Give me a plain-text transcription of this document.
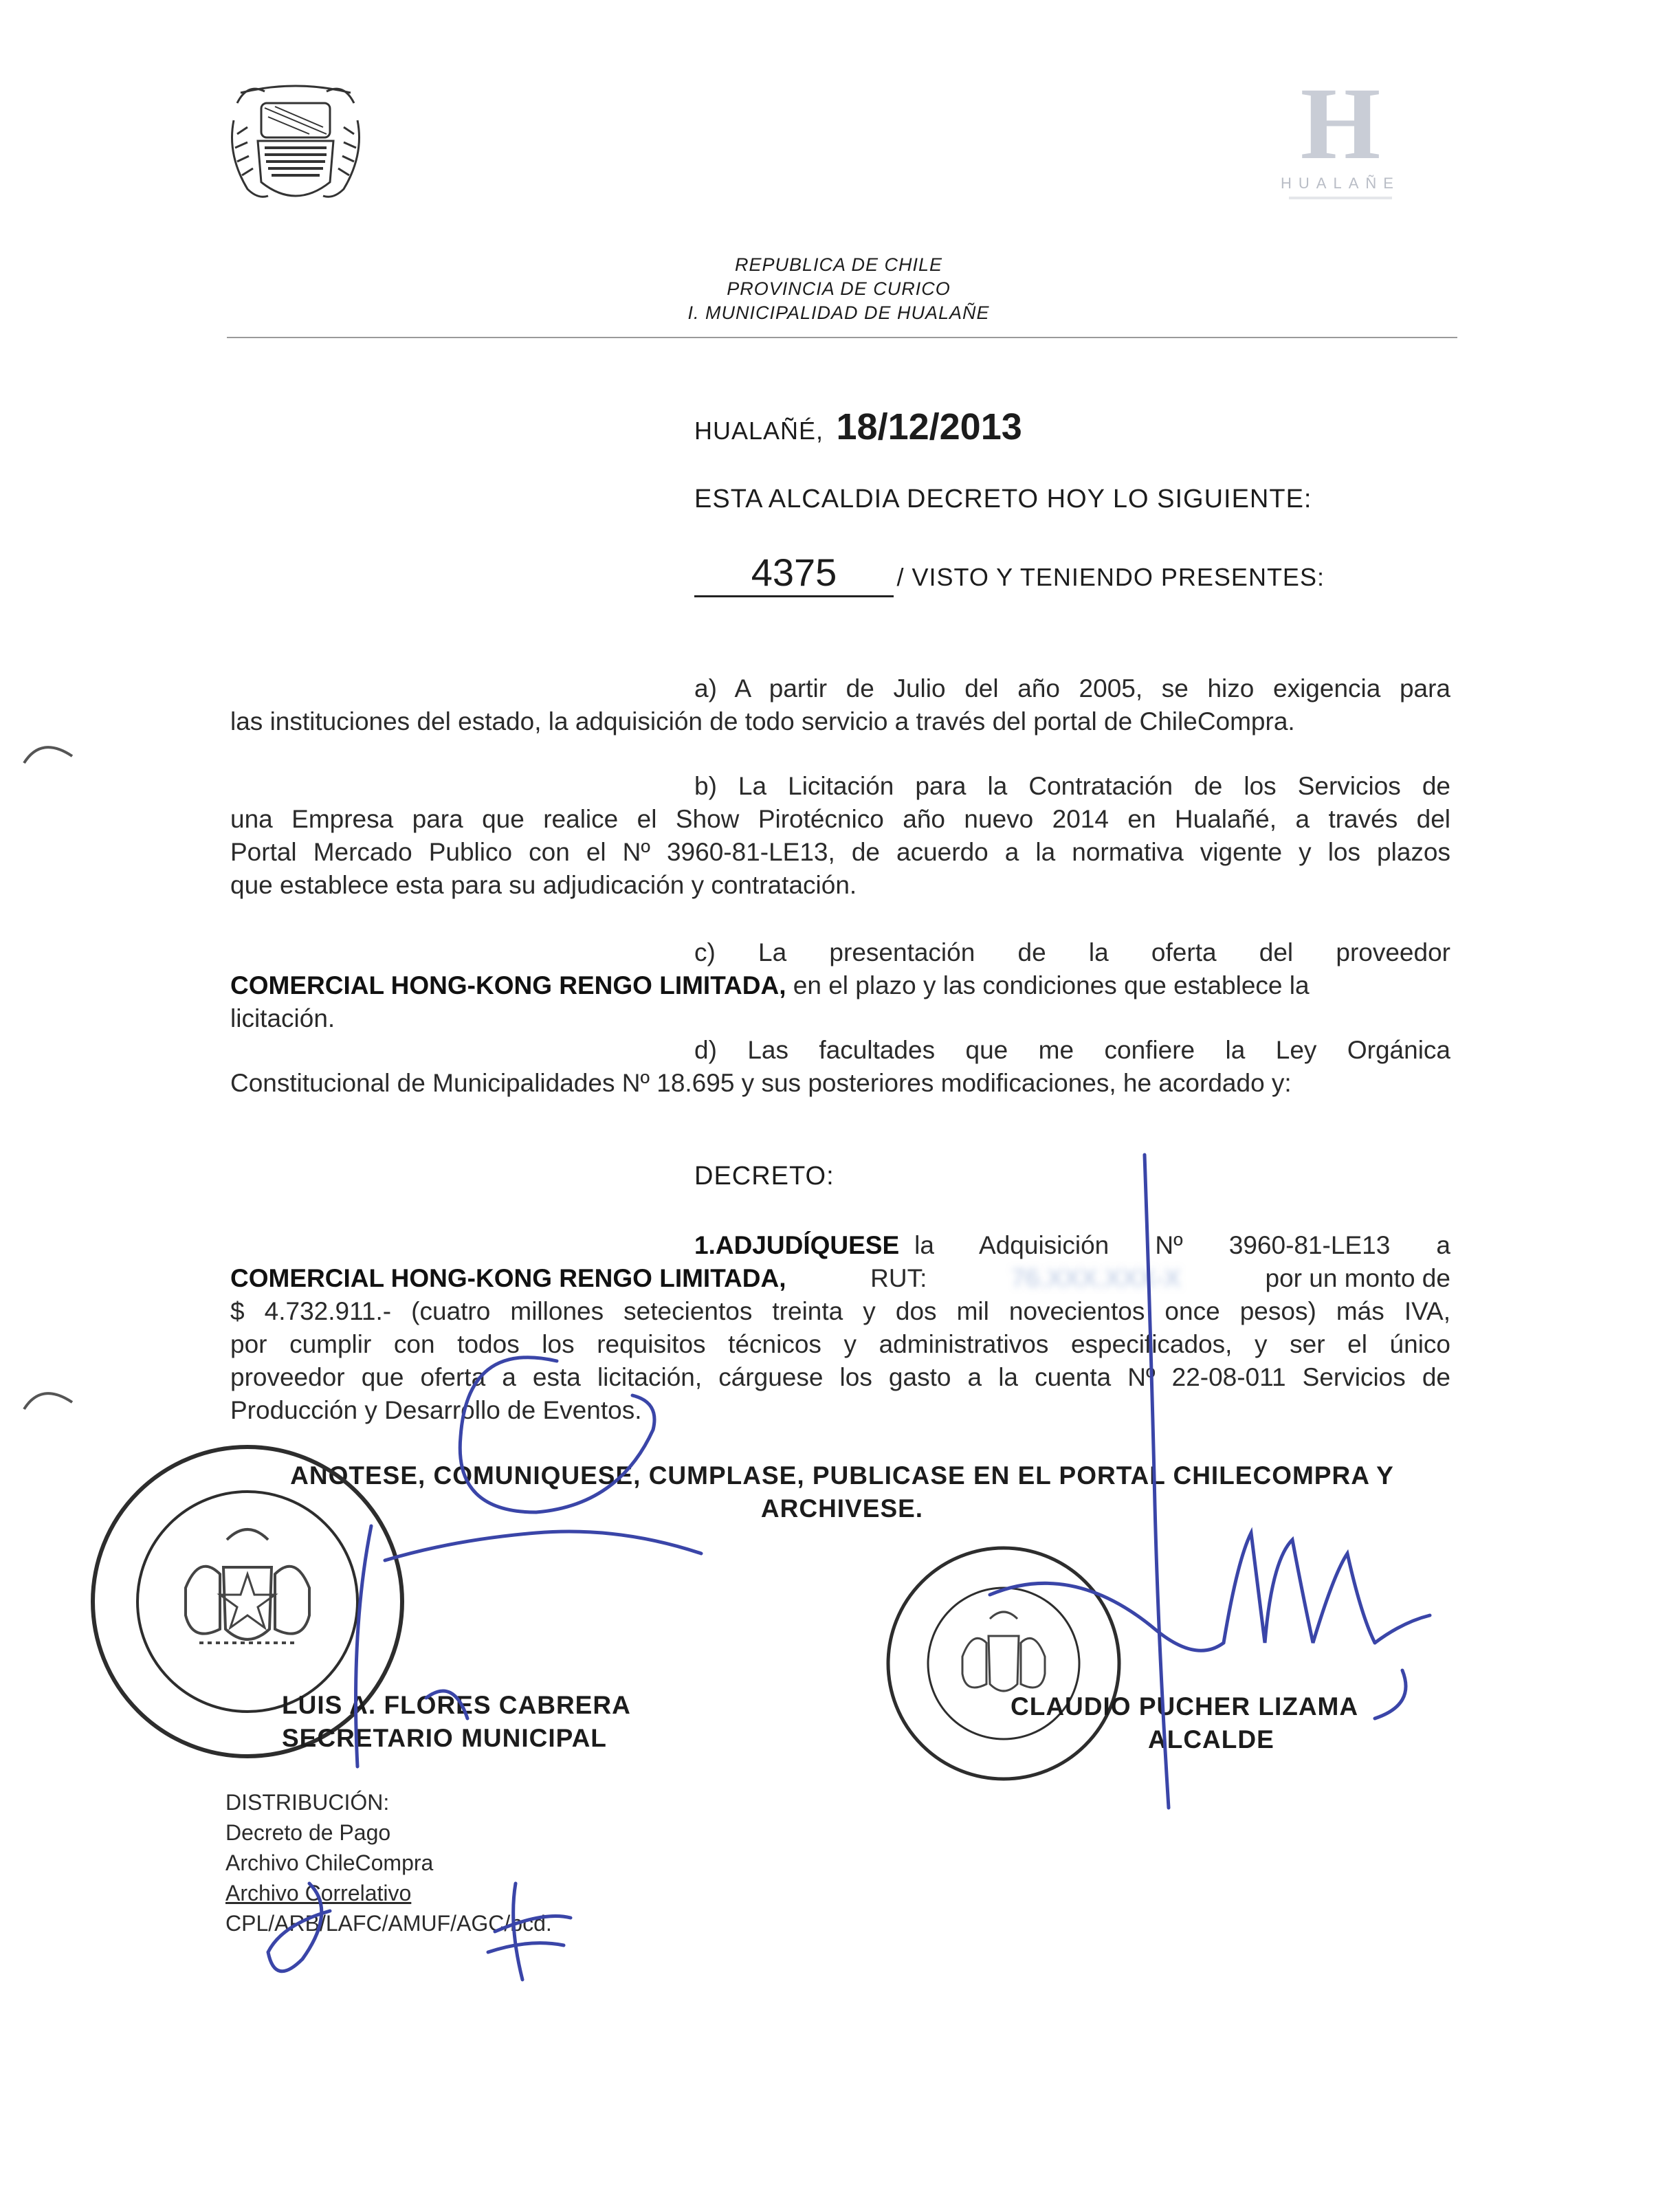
H
HUALAÑE
REPUBLICA DE CHILE
PROVINCIA DE CURICO
I. MUNICIPALIDAD DE HUALAÑE
HUALAÑÉ, 18/12/2013
ESTA ALCALDIA DECRETO HOY LO SIGUIENTE:
4375 / VISTO Y TENIENDO PRESENTES:
a) A partir de Julio del año 2005, se hizo exigencia para
las instituciones del estado, la adquisición de todo servicio a través del portal de ChileCompra.
b) La Licitación para la Contratación de los Servicios de
una Empresa para que realice el Show Pirotécnico año nuevo 2014 en Hualañé, a través del
Portal Mercado Publico con el Nº 3960-81-LE13, de acuerdo a la normativa vigente y los plazos
que establece esta para su adjudicación y contratación.
c) La presentación de la oferta del proveedor
COMERCIAL HONG-KONG RENGO LIMITADA, en el plazo y las condiciones que establece la
licitación.
d) Las facultades que me confiere la Ley Orgánica
Constitucional de Municipalidades Nº 18.695 y sus posteriores modificaciones, he acordado y:
DECRETO:
1. ADJUDÍQUESE la Adquisición Nº 3960-81-LE13 a
COMERCIAL HONG-KONG RENGO LIMITADA,	RUT:	76.XXX.XXX-X	por un monto de
$ 4.732.911.- (cuatro millones setecientos treinta y dos mil novecientos once pesos) más IVA,
por cumplir con todos los requisitos técnicos y administrativos especificados, y ser el único
proveedor que oferta a esta licitación, cárguese los gasto a la cuenta Nº 22-08-011 Servicios de
Producción y Desarrollo de Eventos.
ANOTESE, COMUNIQUESE, CUMPLASE, PUBLICASE EN EL PORTAL CHILECOMPRA Y
ARCHIVESE.
LUIS A. FLORES CABRERA
SECRETARIO MUNICIPAL
CLAUDIO PUCHER LIZAMA
ALCALDE
DISTRIBUCIÓN:
Decreto de Pago
Archivo ChileCompra
Archivo Correlativo
CPL/ARB/LAFC/AMUF/AGC/bcd.
